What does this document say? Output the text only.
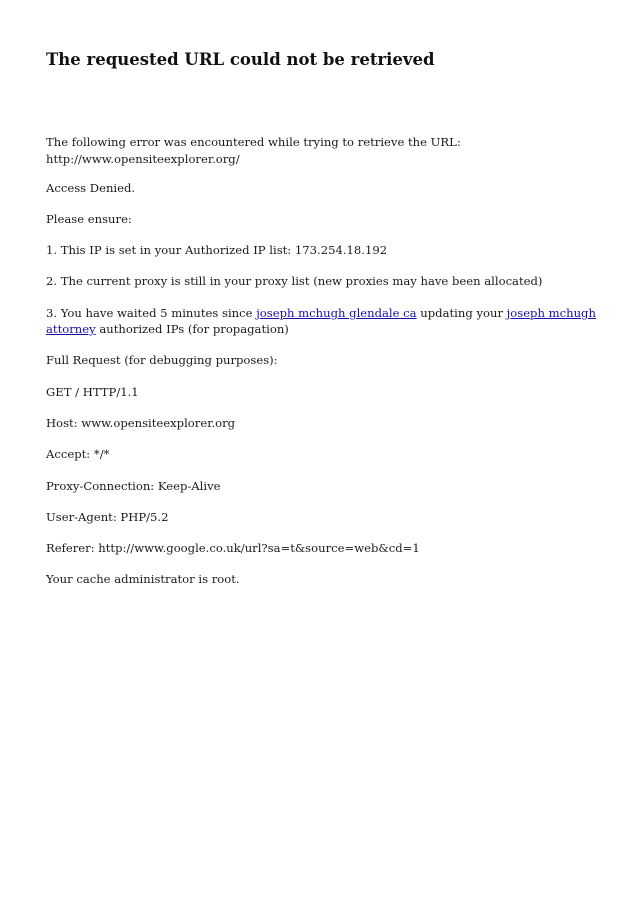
The requested URL could not be retrieved

The following error was encountered while trying to retrieve the URL:

http://www.opensiteexplorer.org/

Access Denied.

Please ensure:

1. This IP is set in your Authorized IP list: 173.254.18.192

2. The current proxy is still in your proxy list (new proxies may have been allocated)

3. You have waited 5 minutes since joseph mchugh glendale ca updating your joseph mchugh

attorney authorized IPs (for propagation)

Full Request (for debugging purposes):

GET / HTTP/1.1

Host: www.opensiteexplorer.org

Accept: */*

Proxy-Connection: Keep-Alive

User-Agent: PHP/5.2

Referer: http://www.google.co.uk/url?sa=t&source=web&cd=1

Your cache administrator is root.
